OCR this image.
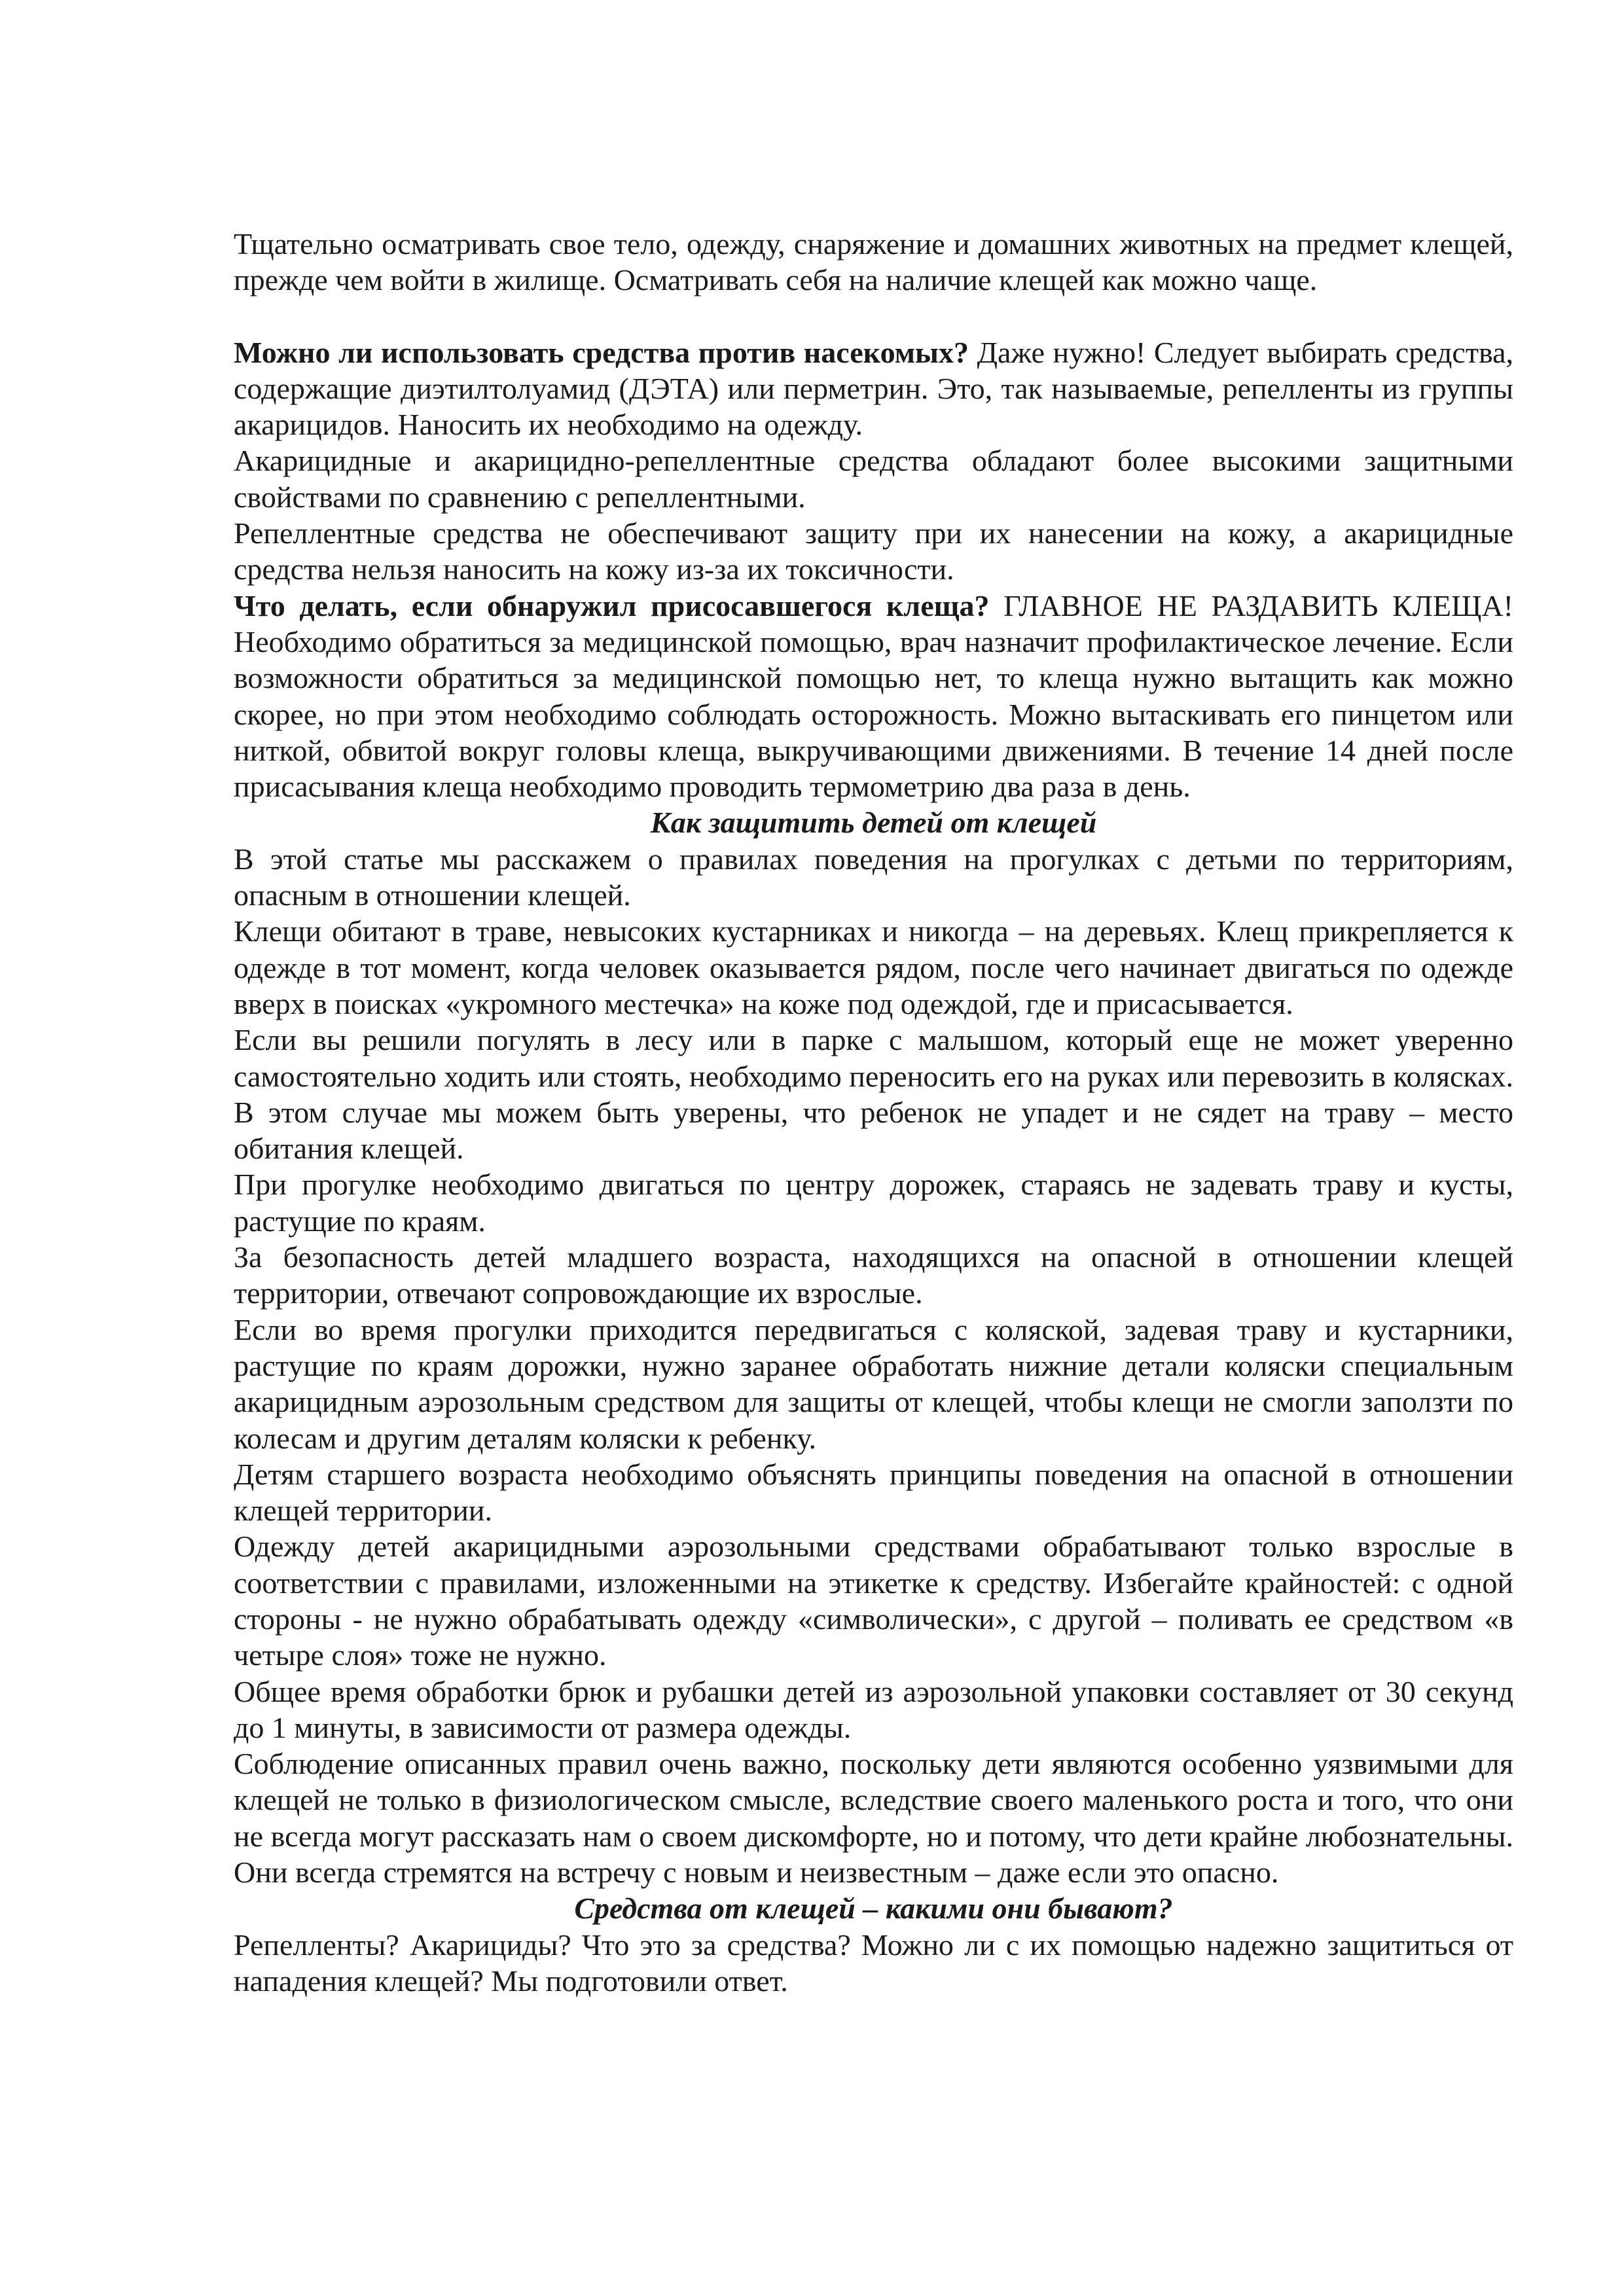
Тщательно осматривать свое тело, одежду, снаряжение и домашних животных на предмет клещей, прежде чем войти в жилище. Осматривать себя на наличие клещей как можно чаще.

Можно ли использовать средства против насекомых? Даже нужно! Следует выбирать средства, содержащие диэтилтолуамид (ДЭТА) или перметрин. Это, так называемые, репелленты из группы акарицидов. Наносить их необходимо на одежду.

Акарицидные и акарицидно-репеллентные средства обладают более высокими защитными свойствами по сравнению с репеллентными.

Репеллентные средства не обеспечивают защиту при их нанесении на кожу, а акарицидные средства нельзя наносить на кожу из-за их токсичности.

Что делать, если обнаружил присосавшегося клеща? ГЛАВНОЕ НЕ РАЗДАВИТЬ КЛЕЩА! Необходимо обратиться за медицинской помощью, врач назначит профилактическое лечение. Если возможности обратиться за медицинской помощью нет, то клеща нужно вытащить как можно скорее, но при этом необходимо соблюдать осторожность. Можно вытаскивать его пинцетом или ниткой, обвитой вокруг головы клеща, выкручивающими движениями. В течение 14 дней после присасывания клеща необходимо проводить термометрию два раза в день.

Как защитить детей от клещей

В этой статье мы расскажем о правилах поведения на прогулках с детьми по территориям, опасным в отношении клещей.

Клещи обитают в траве, невысоких кустарниках и никогда – на деревьях. Клещ прикрепляется к одежде в тот момент, когда человек оказывается рядом, после чего начинает двигаться по одежде вверх в поисках «укромного местечка» на коже под одеждой, где и присасывается.

Если вы решили погулять в лесу или в парке с малышом, который еще не может уверенно самостоятельно ходить или стоять, необходимо переносить его на руках или перевозить в колясках. В этом случае мы можем быть уверены, что ребенок не упадет и не сядет на траву – место обитания клещей.

При прогулке необходимо двигаться по центру дорожек, стараясь не задевать траву и кусты, растущие по краям.

За безопасность детей младшего возраста, находящихся на опасной в отношении клещей территории, отвечают сопровождающие их взрослые.

Если во время прогулки приходится передвигаться с коляской, задевая траву и кустарники, растущие по краям дорожки, нужно заранее обработать нижние детали коляски специальным акарицидным аэрозольным средством для защиты от клещей, чтобы клещи не смогли заползти по колесам и другим деталям коляски к ребенку.

Детям старшего возраста необходимо объяснять принципы поведения на опасной в отношении клещей территории.

Одежду детей акарицидными аэрозольными средствами обрабатывают только взрослые в соответствии с правилами, изложенными на этикетке к средству. Избегайте крайностей: с одной стороны - не нужно обрабатывать одежду «символически», с другой – поливать ее средством «в четыре слоя» тоже не нужно.

Общее время обработки брюк и рубашки детей из аэрозольной упаковки составляет от 30 секунд до 1 минуты, в зависимости от размера одежды.

Соблюдение описанных правил очень важно, поскольку дети являются особенно уязвимыми для клещей не только в физиологическом смысле, вследствие своего маленького роста и того, что они не всегда могут рассказать нам о своем дискомфорте, но и потому, что дети крайне любознательны. Они всегда стремятся на встречу с новым и неизвестным – даже если это опасно.

Средства от клещей – какими они бывают?

Репелленты? Акарициды? Что это за средства? Можно ли с их помощью надежно защититься от нападения клещей? Мы подготовили ответ.
